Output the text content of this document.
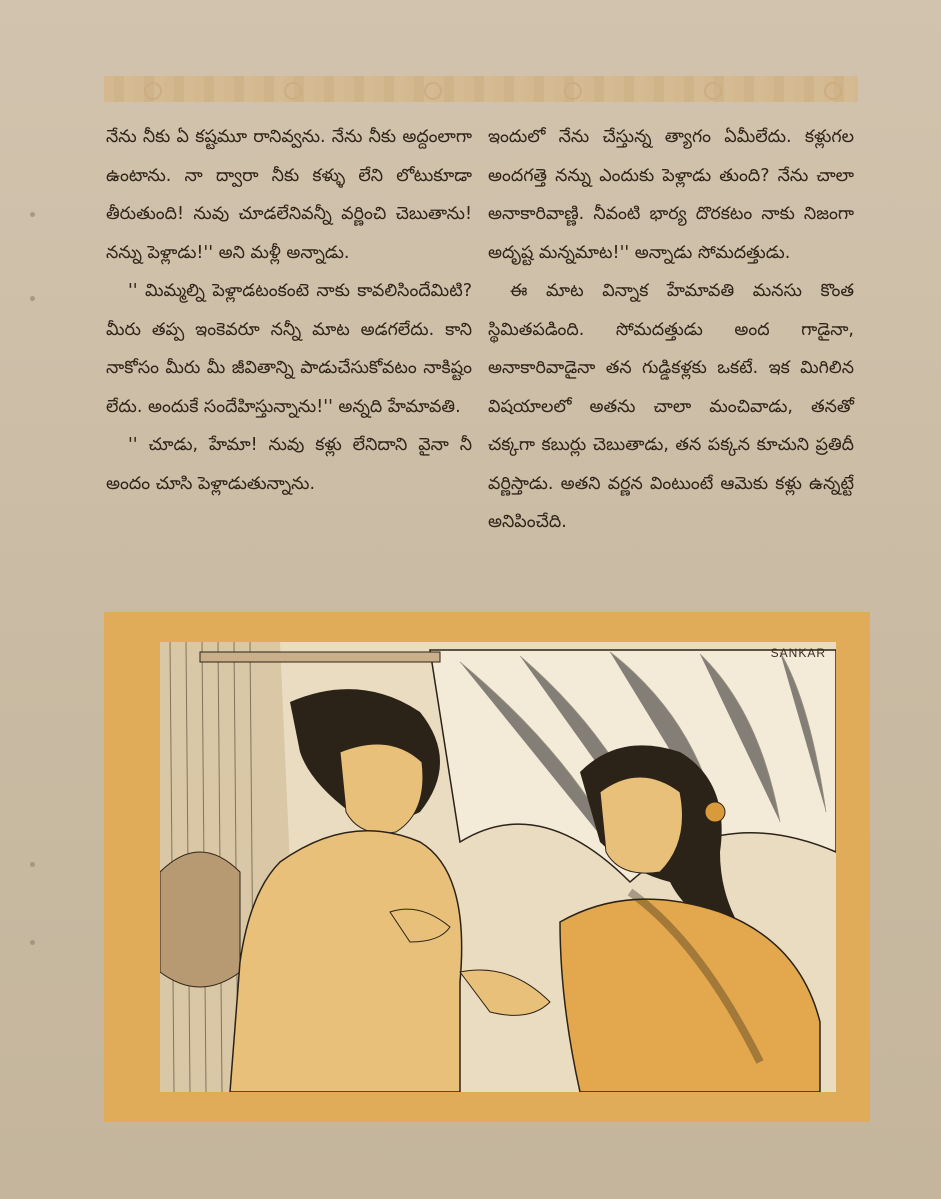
నేను నీకు ఏ కష్టమూ రానివ్వను. నేను నీకు అద్దంలాగా ఉంటాను. నా ద్వారా నీకు కళ్ళు లేని లోటుకూడా తీరుతుంది! నువు చూడలేనివన్నీ వర్ణించి చెబుతాను! నన్ను పెళ్లాడు!'' అని మళ్లీ అన్నాడు.

'' మిమ్మల్ని పెళ్లాడటంకంటె నాకు కావలిసిందేమిటి? మీరు తప్ప ఇంకెవరూ నన్నీ మాట అడగలేదు. కాని నాకోసం మీరు మీ జీవితాన్ని పాడుచేసుకోవటం నాకిష్టం లేదు. అందుకే సందేహిస్తున్నాను!'' అన్నది హేమావతి.

'' చూడు, హేమా! నువు కళ్లు లేనిదాని వైనా నీ అందం చూసి పెళ్లాడుతున్నాను.

ఇందులో నేను చేస్తున్న త్యాగం ఏమీలేదు. కళ్లుగల అందగత్తె నన్ను ఎందుకు పెళ్లాడు తుంది? నేను చాలా అనాకారివాణ్ణి. నీవంటి భార్య దొరకటం నాకు నిజంగా అదృష్ట మన్నమాట!'' అన్నాడు సోమదత్తుడు.

ఈ మాట విన్నాక హేమావతి మనసు కొంత స్థిమితపడింది. సోమదత్తుడు అంద గాడైనా, అనాకారివాడైనా తన గుడ్డికళ్లకు ఒకటే. ఇక మిగిలిన విషయాలలో అతను చాలా మంచివాడు, తనతో చక్కగా కబుర్లు చెబుతాడు, తన పక్కన కూచుని ప్రతిదీ వర్ణిస్తాడు. అతని వర్ణన వింటుంటే ఆమెకు కళ్లు ఉన్నట్టే అనిపించేది.

SANKAR
